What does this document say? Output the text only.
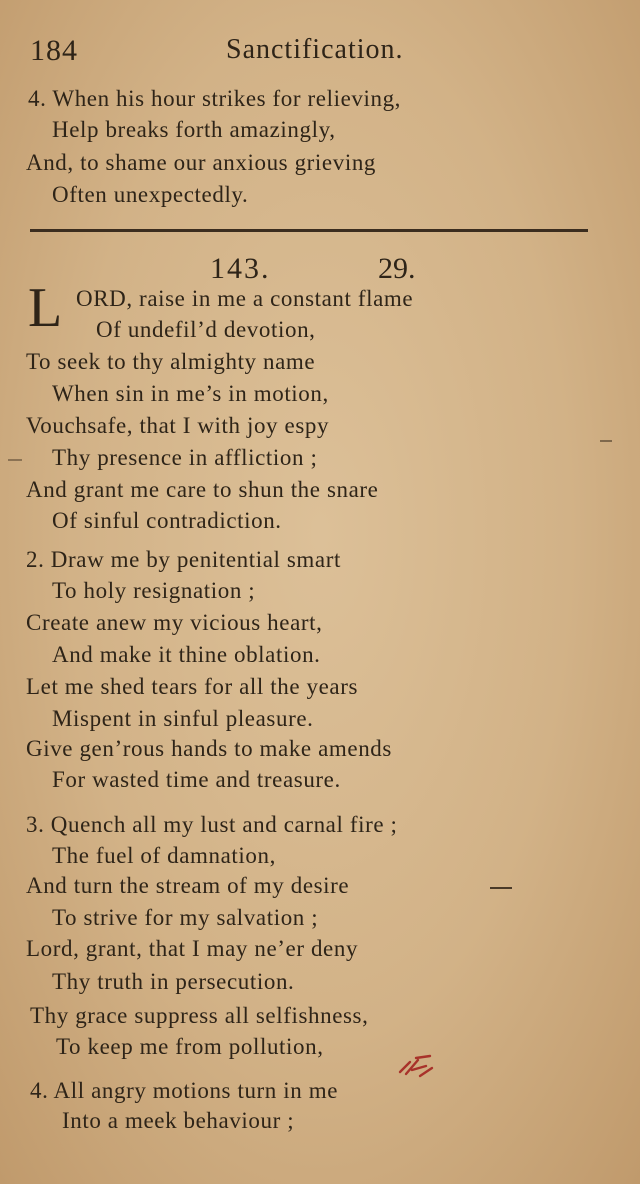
184	Sanctification.
4. When his hour strikes for relieving,
Help breaks forth amazingly,
And, to shame our anxious grieving
Often unexpectedly.
143.	29.
L ORD, raise in me a constant flame
Of undefil’d devotion,
To seek to thy almighty name
When sin in me’s in motion,
Vouchsafe, that I with joy espy
Thy presence in affliction ;
And grant me care to shun the snare
Of sinful contradiction.
2. Draw me by penitential smart
To holy resignation ;
Create anew my vicious heart,
And make it thine oblation.
Let me shed tears for all the years
Mispent in sinful pleasure.
Give gen’rous hands to make amends
For wasted time and treasure.
3. Quench all my lust and carnal fire ;
The fuel of damnation,
And turn the stream of my desire
To strive for my salvation ;
Lord, grant, that I may ne’er deny
Thy truth in persecution.
Thy grace suppress all selfishness,
To keep me from pollution,
4. All angry motions turn in me
Into a meek behaviour ;
